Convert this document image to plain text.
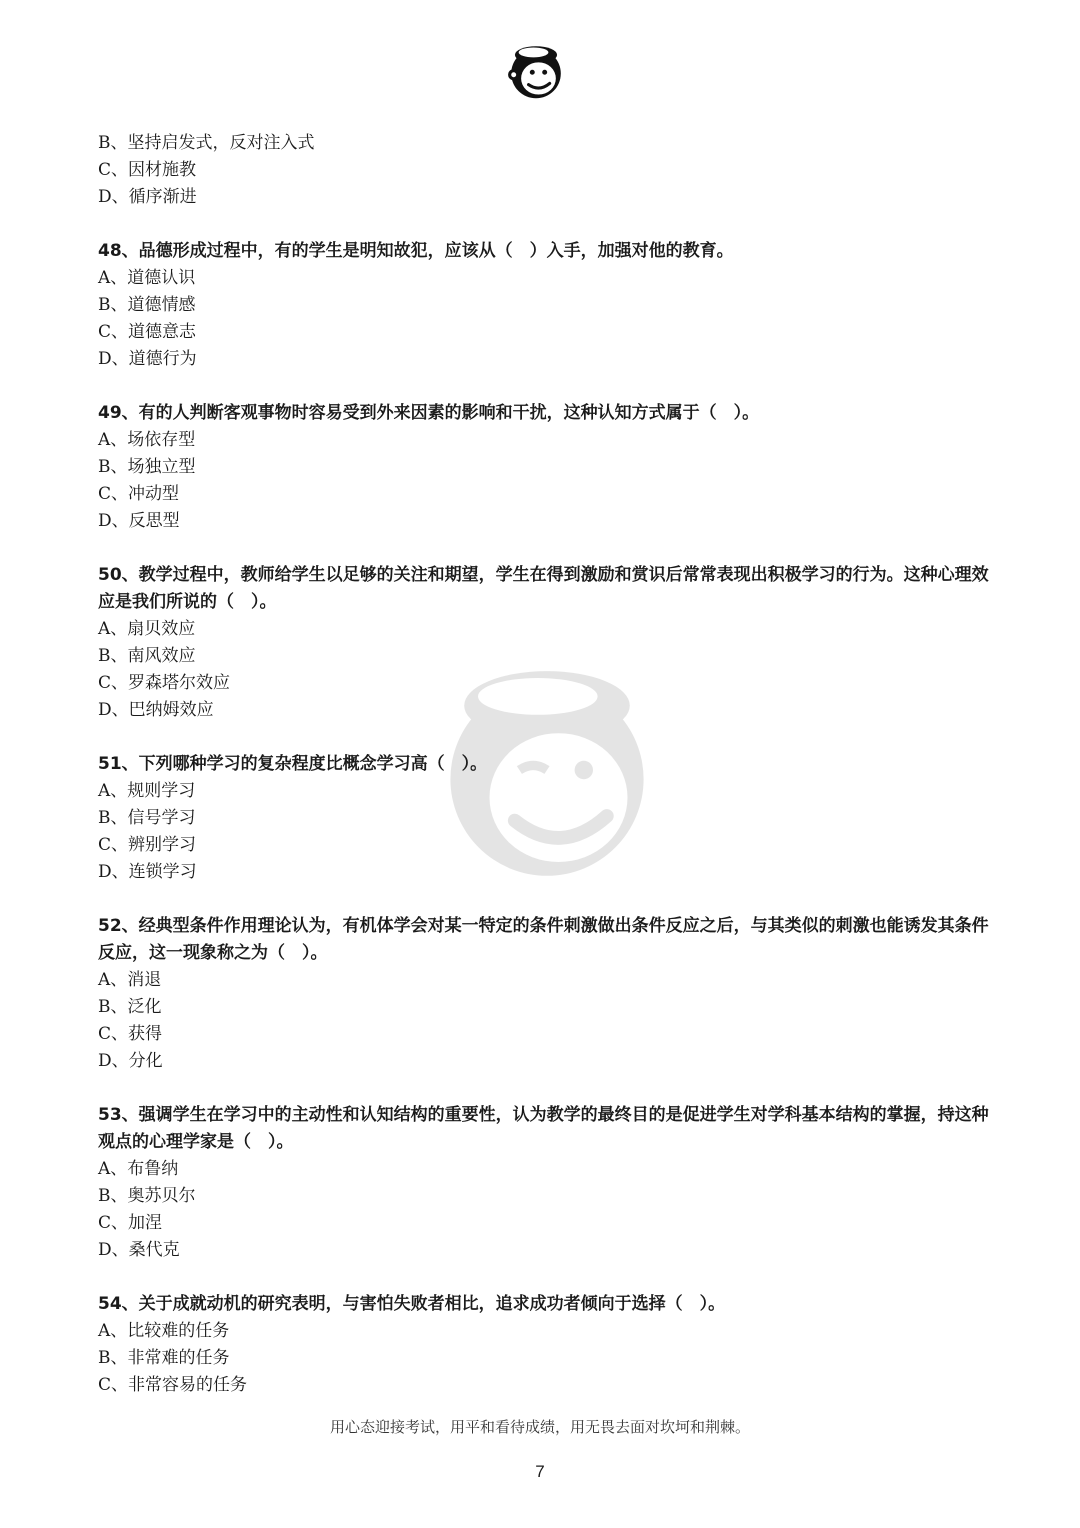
B、坚持启发式，反对注入式
C、因材施教
D、循序渐进
48、品德形成过程中，有的学生是明知故犯，应该从（　）入手，加强对他的教育。
A、道德认识
B、道德情感
C、道德意志
D、道德行为
49、有的人判断客观事物时容易受到外来因素的影响和干扰，这种认知方式属于（　）。
A、场依存型
B、场独立型
C、冲动型
D、反思型
50、教学过程中，教师给学生以足够的关注和期望，学生在得到激励和赏识后常常表现出积极学习的行为。这种心理效应是我们所说的（　）。
A、扇贝效应
B、南风效应
C、罗森塔尔效应
D、巴纳姆效应
51、下列哪种学习的复杂程度比概念学习高（　）。
A、规则学习
B、信号学习
C、辨别学习
D、连锁学习
52、经典型条件作用理论认为，有机体学会对某一特定的条件刺激做出条件反应之后，与其类似的刺激也能诱发其条件反应，这一现象称之为（　）。
A、消退
B、泛化
C、获得
D、分化
53、强调学生在学习中的主动性和认知结构的重要性，认为教学的最终目的是促进学生对学科基本结构的掌握，持这种观点的心理学家是（　）。
A、布鲁纳
B、奥苏贝尔
C、加涅
D、桑代克
54、关于成就动机的研究表明，与害怕失败者相比，追求成功者倾向于选择（　）。
A、比较难的任务
B、非常难的任务
C、非常容易的任务
用心态迎接考试，用平和看待成绩，用无畏去面对坎坷和荆棘。
7
